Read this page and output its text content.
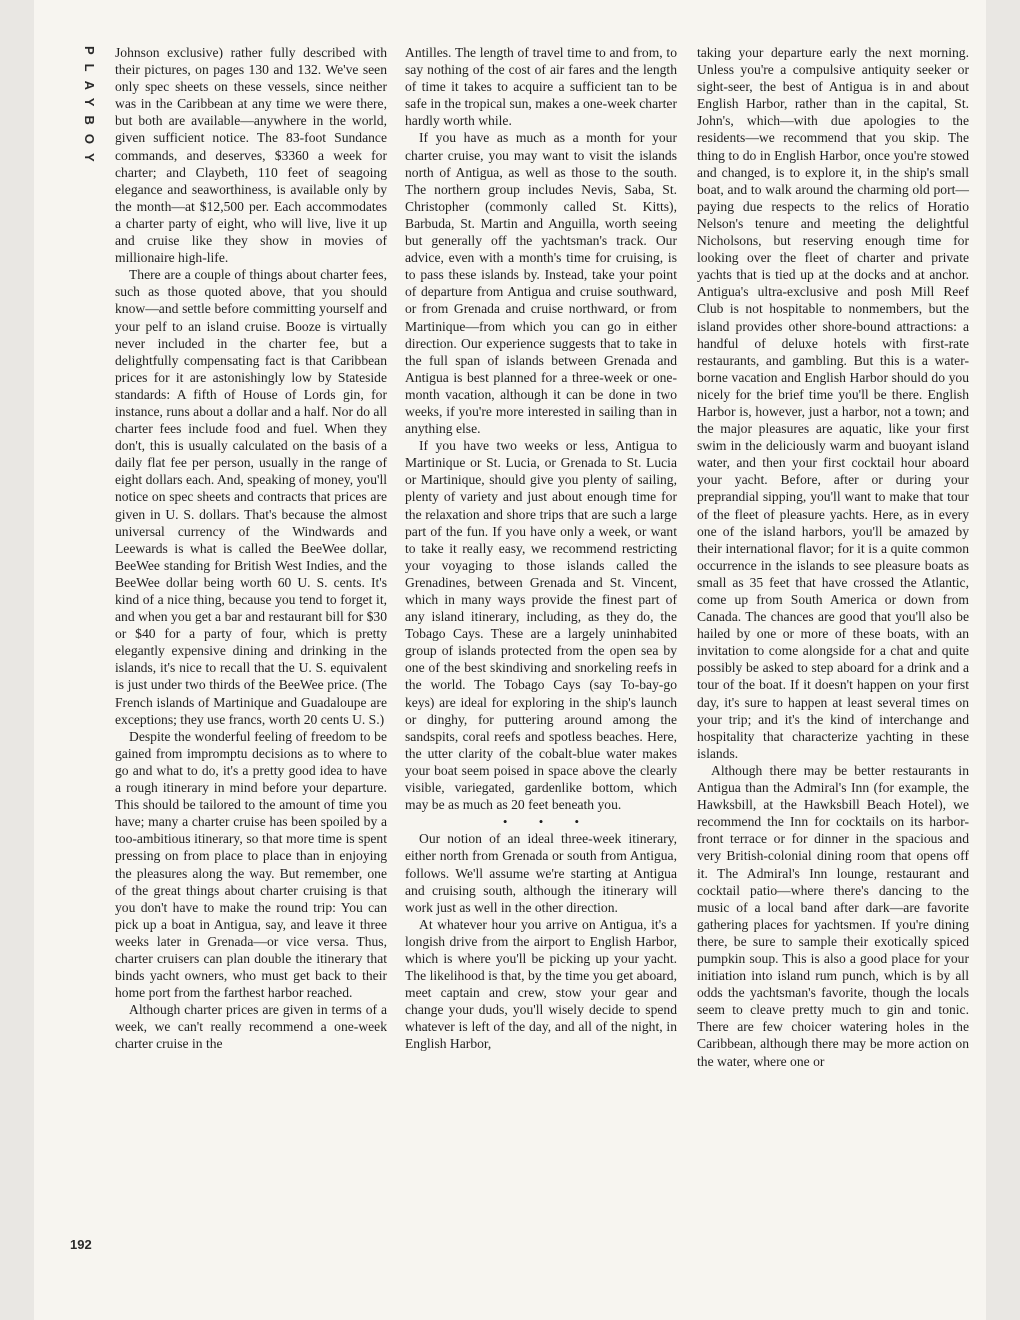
PLAYBOY Johnson exclusive) rather fully described with their pictures, on pages 130 and 132. We've seen only spec sheets on these vessels, since neither was in the Caribbean at any time we were there, but both are available—anywhere in the world, given sufficient notice. The 83-foot Sundance commands, and deserves, $3360 a week for charter; and Claybeth, 110 feet of seagoing elegance and seaworthiness, is available only by the month—at $12,500 per. Each accommodates a charter party of eight, who will live, live it up and cruise like they show in movies of millionaire high-life.

There are a couple of things about charter fees, such as those quoted above, that you should know—and settle before committing yourself and your pelf to an island cruise. Booze is virtually never included in the charter fee, but a delightfully compensating fact is that Caribbean prices for it are astonishingly low by Stateside standards: A fifth of House of Lords gin, for instance, runs about a dollar and a half. Nor do all charter fees include food and fuel. When they don't, this is usually calculated on the basis of a daily flat fee per person, usually in the range of eight dollars each. And, speaking of money, you'll notice on spec sheets and contracts that prices are given in U. S. dollars. That's because the almost universal currency of the Windwards and Leewards is what is called the BeeWee dollar, BeeWee standing for British West Indies, and the BeeWee dollar being worth 60 U. S. cents. It's kind of a nice thing, because you tend to forget it, and when you get a bar and restaurant bill for $30 or $40 for a party of four, which is pretty elegantly expensive dining and drinking in the islands, it's nice to recall that the U. S. equivalent is just under two thirds of the BeeWee price. (The French islands of Martinique and Guadaloupe are exceptions; they use francs, worth 20 cents U. S.)

Despite the wonderful feeling of freedom to be gained from impromptu decisions as to where to go and what to do, it's a pretty good idea to have a rough itinerary in mind before your departure. This should be tailored to the amount of time you have; many a charter cruise has been spoiled by a too-ambitious itinerary, so that more time is spent pressing on from place to place than in enjoying the pleasures along the way. But remember, one of the great things about charter cruising is that you don't have to make the round trip: You can pick up a boat in Antigua, say, and leave it three weeks later in Grenada—or vice versa. Thus, charter cruisers can plan double the itinerary that binds yacht owners, who must get back to their home port from the farthest harbor reached.

Although charter prices are given in terms of a week, we can't really recommend a one-week charter cruise in the

Antilles. The length of travel time to and from, to say nothing of the cost of air fares and the length of time it takes to acquire a sufficient tan to be safe in the tropical sun, makes a one-week charter hardly worth while.

If you have as much as a month for your charter cruise, you may want to visit the islands north of Antigua, as well as those to the south. The northern group includes Nevis, Saba, St. Christopher (commonly called St. Kitts), Barbuda, St. Martin and Anguilla, worth seeing but generally off the yachtsman's track. Our advice, even with a month's time for cruising, is to pass these islands by. Instead, take your point of departure from Antigua and cruise southward, or from Grenada and cruise northward, or from Martinique—from which you can go in either direction. Our experience suggests that to take in the full span of islands between Grenada and Antigua is best planned for a three-week or one-month vacation, although it can be done in two weeks, if you're more interested in sailing than in anything else.

If you have two weeks or less, Antigua to Martinique or St. Lucia, or Grenada to St. Lucia or Martinique, should give you plenty of sailing, plenty of variety and just about enough time for the relaxation and shore trips that are such a large part of the fun. If you have only a week, or want to take it really easy, we recommend restricting your voyaging to those islands called the Grenadines, between Grenada and St. Vincent, which in many ways provide the finest part of any island itinerary, including, as they do, the Tobago Cays. These are a largely uninhabited group of islands protected from the open sea by one of the best skindiving and snorkeling reefs in the world. The Tobago Cays (say To-bay-go keys) are ideal for exploring in the ship's launch or dinghy, for puttering around among the sandspits, coral reefs and spotless beaches. Here, the utter clarity of the cobalt-blue water makes your boat seem poised in space above the clearly visible, variegated, gardenlike bottom, which may be as much as 20 feet beneath you.

• • •

Our notion of an ideal three-week itinerary, either north from Grenada or south from Antigua, follows. We'll assume we're starting at Antigua and cruising south, although the itinerary will work just as well in the other direction.

At whatever hour you arrive on Antigua, it's a longish drive from the airport to English Harbor, which is where you'll be picking up your yacht. The likelihood is that, by the time you get aboard, meet captain and crew, stow your gear and change your duds, you'll wisely decide to spend whatever is left of the day, and all of the night, in English Harbor,

taking your departure early the next morning. Unless you're a compulsive antiquity seeker or sight-seer, the best of Antigua is in and about English Harbor, rather than in the capital, St. John's, which—with due apologies to the residents—we recommend that you skip. The thing to do in English Harbor, once you're stowed and changed, is to explore it, in the ship's small boat, and to walk around the charming old port—paying due respects to the relics of Horatio Nelson's tenure and meeting the delightful Nicholsons, but reserving enough time for looking over the fleet of charter and private yachts that is tied up at the docks and at anchor. Antigua's ultra-exclusive and posh Mill Reef Club is not hospitable to nonmembers, but the island provides other shore-bound attractions: a handful of deluxe hotels with first-rate restaurants, and gambling. But this is a water-borne vacation and English Harbor should do you nicely for the brief time you'll be there. English Harbor is, however, just a harbor, not a town; and the major pleasures are aquatic, like your first swim in the deliciously warm and buoyant island water, and then your first cocktail hour aboard your yacht. Before, after or during your preprandial sipping, you'll want to make that tour of the fleet of pleasure yachts. Here, as in every one of the island harbors, you'll be amazed by their international flavor; for it is a quite common occurrence in the islands to see pleasure boats as small as 35 feet that have crossed the Atlantic, come up from South America or down from Canada. The chances are good that you'll also be hailed by one or more of these boats, with an invitation to come alongside for a chat and quite possibly be asked to step aboard for a drink and a tour of the boat. If it doesn't happen on your first day, it's sure to happen at least several times on your trip; and it's the kind of interchange and hospitality that characterize yachting in these islands.

Although there may be better restaurants in Antigua than the Admiral's Inn (for example, the Hawksbill, at the Hawksbill Beach Hotel), we recommend the Inn for cocktails on its harbor-front terrace or for dinner in the spacious and very British-colonial dining room that opens off it. The Admiral's Inn lounge, restaurant and cocktail patio—where there's dancing to the music of a local band after dark—are favorite gathering places for yachtsmen. If you're dining there, be sure to sample their exotically spiced pumpkin soup. This is also a good place for your initiation into island rum punch, which is by all odds the yachtsman's favorite, though the locals seem to cleave pretty much to gin and tonic. There are few choicer watering holes in the Caribbean, although there may be more action on the water, where one or

192
